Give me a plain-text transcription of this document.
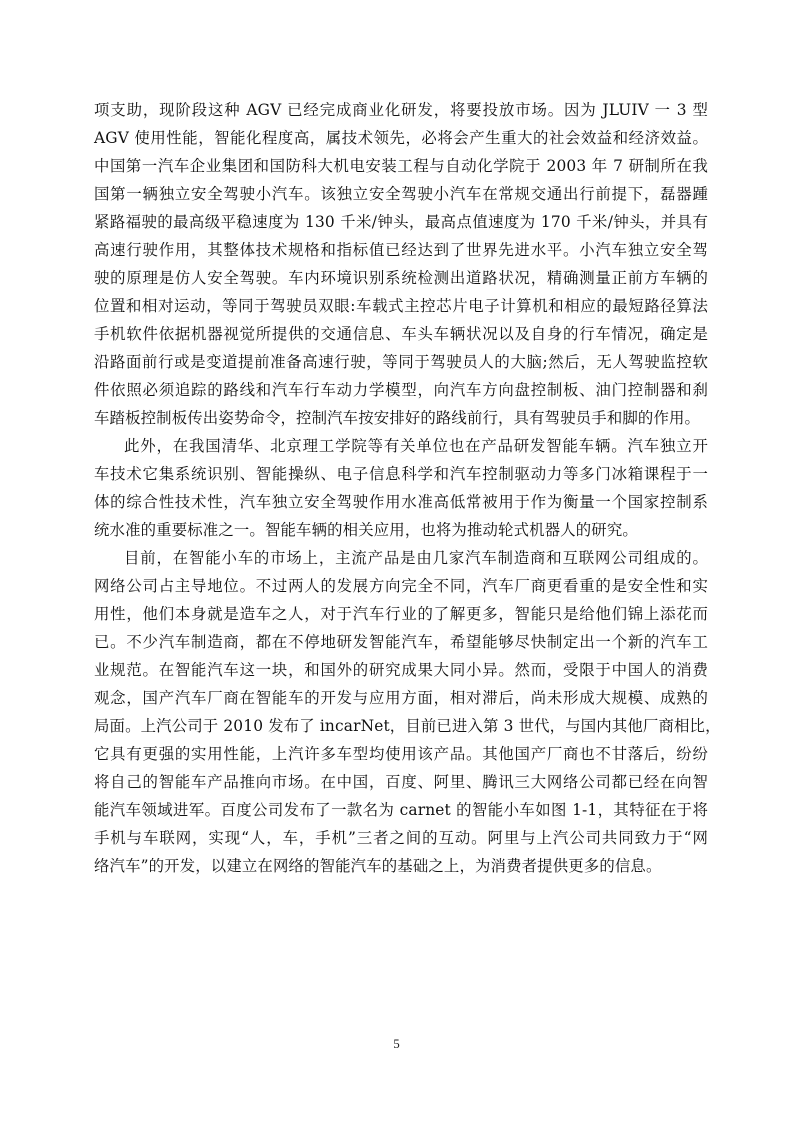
项支助，现阶段这种 AGV 已经完成商业化研发，将要投放市场。因为 JLUIV 一 3 型
AGV 使用性能，智能化程度高，属技术领先，必将会产生重大的社会效益和经济效益。
中国第一汽车企业集团和国防科大机电安装工程与自动化学院于 2003 年 7 研制所在我
国第一辆独立安全驾驶小汽车。该独立安全驾驶小汽车在常规交通出行前提下，磊器踵
紧路福驶的最高级平稳速度为 130 千米/钟头，最高点值速度为 170 千米/钟头，并具有
高速行驶作用，其整体技术规格和指标值已经达到了世界先进水平。小汽车独立安全驾
驶的原理是仿人安全驾驶。车内环境识别系统检测出道路状况，精确测量正前方车辆的
位置和相对运动，等同于驾驶员双眼:车载式主控芯片电子计算机和相应的最短路径算法
手机软件依据机器视觉所提供的交通信息、车头车辆状况以及自身的行车情况，确定是
沿路面前行或是变道提前准备高速行驶，等同于驾驶员人的大脑;然后，无人驾驶监控软
件依照必须追踪的路线和汽车行车动力学模型，向汽车方向盘控制板、油门控制器和刹
车踏板控制板传出姿势命令，控制汽车按安排好的路线前行，具有驾驶员手和脚的作用。
此外，在我国清华、北京理工学院等有关单位也在产品研发智能车辆。汽车独立开
车技术它集系统识别、智能操纵、电子信息科学和汽车控制驱动力等多门冰箱课程于一
体的综合性技术性，汽车独立安全驾驶作用水准高低常被用于作为衡量一个国家控制系
统水准的重要标准之一。智能车辆的相关应用，也将为推动轮式机器人的研究。
目前，在智能小车的市场上，主流产品是由几家汽车制造商和互联网公司组成的。
网络公司占主导地位。不过两人的发展方向完全不同，汽车厂商更看重的是安全性和实
用性，他们本身就是造车之人，对于汽车行业的了解更多，智能只是给他们锦上添花而
已。不少汽车制造商，都在不停地研发智能汽车，希望能够尽快制定出一个新的汽车工
业规范。在智能汽车这一块，和国外的研究成果大同小异。然而，受限于中国人的消费
观念，国产汽车厂商在智能车的开发与应用方面，相对滞后，尚未形成大规模、成熟的
局面。上汽公司于 2010 发布了 incarNet，目前已进入第 3 世代，与国内其他厂商相比，
它具有更强的实用性能，上汽许多车型均使用该产品。其他国产厂商也不甘落后，纷纷
将自己的智能车产品推向市场。在中国，百度、阿里、腾讯三大网络公司都已经在向智
能汽车领域进军。百度公司发布了一款名为 carnet 的智能小车如图 1-1，其特征在于将
手机与车联网，实现“人，车，手机”三者之间的互动。阿里与上汽公司共同致力于“网
络汽车”的开发，以建立在网络的智能汽车的基础之上，为消费者提供更多的信息。
5
